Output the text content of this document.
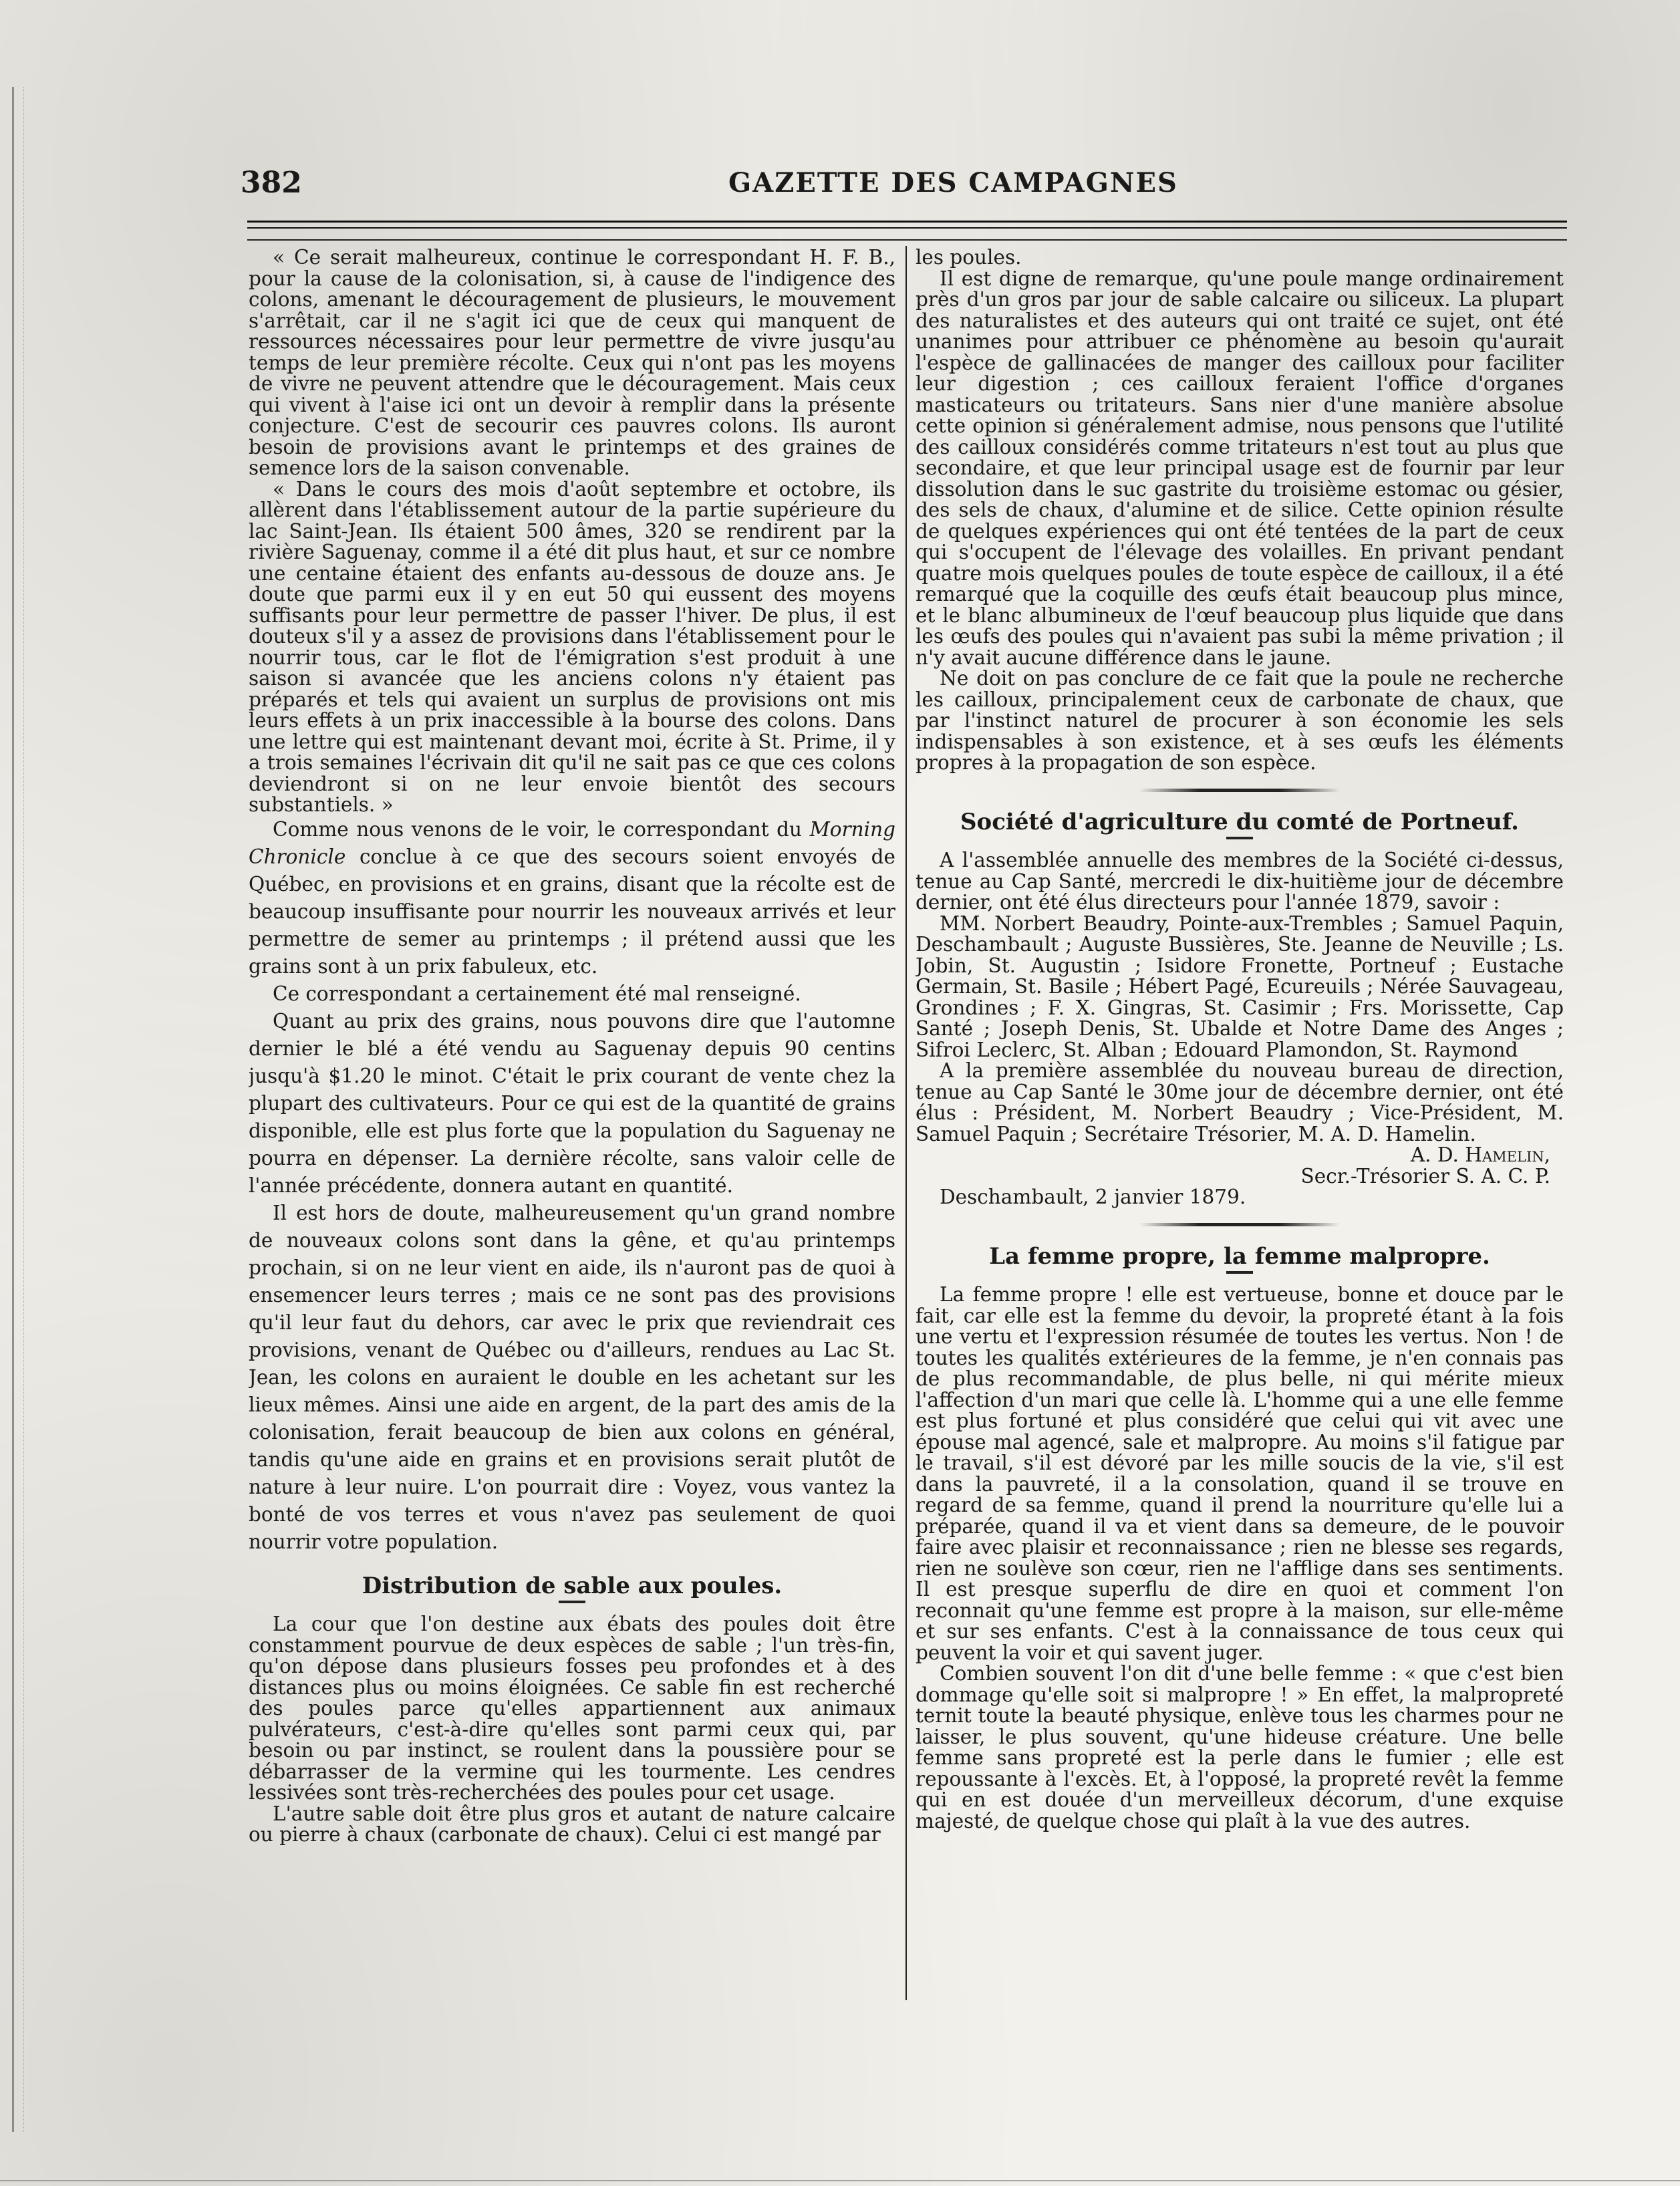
382	GAZETTE DES CAMPAGNES

« Ce serait malheureux, continue le correspondant H. F. B., pour la cause de la colonisation, si, à cause de l'indigence des colons, amenant le découragement de plusieurs, le mouvement s'arrêtait, car il ne s'agit ici que de ceux qui manquent de ressources nécessaires pour leur permettre de vivre jusqu'au temps de leur première récolte. Ceux qui n'ont pas les moyens de vivre ne peuvent attendre que le découragement. Mais ceux qui vivent à l'aise ici ont un devoir à remplir dans la présente conjecture. C'est de secourir ces pauvres colons. Ils auront besoin de provisions avant le printemps et des graines de semence lors de la saison convenable.

« Dans le cours des mois d'août septembre et octobre, ils allèrent dans l'établissement autour de la partie supérieure du lac Saint-Jean. Ils étaient 500 âmes, 320 se rendirent par la rivière Saguenay, comme il a été dit plus haut, et sur ce nombre une centaine étaient des enfants au-dessous de douze ans. Je doute que parmi eux il y en eut 50 qui eussent des moyens suffisants pour leur permettre de passer l'hiver. De plus, il est douteux s'il y a assez de provisions dans l'établissement pour le nourrir tous, car le flot de l'émigration s'est produit à une saison si avancée que les anciens colons n'y étaient pas préparés et tels qui avaient un surplus de provisions ont mis leurs effets à un prix inaccessible à la bourse des colons. Dans une lettre qui est maintenant devant moi, écrite à St. Prime, il y a trois semaines l'écrivain dit qu'il ne sait pas ce que ces colons deviendront si on ne leur envoie bientôt des secours substantiels. »

Comme nous venons de le voir, le correspondant du Morning Chronicle conclue à ce que des secours soient envoyés de Québec, en provisions et en grains, disant que la récolte est de beaucoup insuffisante pour nourrir les nouveaux arrivés et leur permettre de semer au printemps ; il prétend aussi que les grains sont à un prix fabuleux, etc.

Ce correspondant a certainement été mal renseigné.

Quant au prix des grains, nous pouvons dire que l'automne dernier le blé a été vendu au Saguenay depuis 90 centins jusqu'à $1.20 le minot. C'était le prix courant de vente chez la plupart des cultivateurs. Pour ce qui est de la quantité de grains disponible, elle est plus forte que la population du Saguenay ne pourra en dépenser. La dernière récolte, sans valoir celle de l'année précédente, donnera autant en quantité.

Il est hors de doute, malheureusement qu'un grand nombre de nouveaux colons sont dans la gêne, et qu'au printemps prochain, si on ne leur vient en aide, ils n'auront pas de quoi à ensemencer leurs terres ; mais ce ne sont pas des provisions qu'il leur faut du dehors, car avec le prix que reviendrait ces provisions, venant de Québec ou d'ailleurs, rendues au Lac St. Jean, les colons en auraient le double en les achetant sur les lieux mêmes. Ainsi une aide en argent, de la part des amis de la colonisation, ferait beaucoup de bien aux colons en général, tandis qu'une aide en grains et en provisions serait plutôt de nature à leur nuire. L'on pourrait dire : Voyez, vous vantez la bonté de vos terres et vous n'avez pas seulement de quoi nourrir votre population.

Distribution de sable aux poules.

La cour que l'on destine aux ébats des poules doit être constamment pourvue de deux espèces de sable ; l'un très-fin, qu'on dépose dans plusieurs fosses peu profondes et à des distances plus ou moins éloignées. Ce sable fin est recherché des poules parce qu'elles appartiennent aux animaux pulvérateurs, c'est-à-dire qu'elles sont parmi ceux qui, par besoin ou par instinct, se roulent dans la poussière pour se débarrasser de la vermine qui les tourmente. Les cendres lessivées sont très-recherchées des poules pour cet usage.

L'autre sable doit être plus gros et autant de nature calcaire ou pierre à chaux (carbonate de chaux). Celui ci est mangé par

les poules.

Il est digne de remarque, qu'une poule mange ordinairement près d'un gros par jour de sable calcaire ou siliceux. La plupart des naturalistes et des auteurs qui ont traité ce sujet, ont été unanimes pour attribuer ce phénomène au besoin qu'aurait l'espèce de gallinacées de manger des cailloux pour faciliter leur digestion ; ces cailloux feraient l'office d'organes masticateurs ou tritateurs. Sans nier d'une manière absolue cette opinion si généralement admise, nous pensons que l'utilité des cailloux considérés comme tritateurs n'est tout au plus que secondaire, et que leur principal usage est de fournir par leur dissolution dans le suc gastrite du troisième estomac ou gésier, des sels de chaux, d'alumine et de silice. Cette opinion résulte de quelques expériences qui ont été tentées de la part de ceux qui s'occupent de l'élevage des volailles. En privant pendant quatre mois quelques poules de toute espèce de cailloux, il a été remarqué que la coquille des œufs était beaucoup plus mince, et le blanc albumineux de l'œuf beaucoup plus liquide que dans les œufs des poules qui n'avaient pas subi la même privation ; il n'y avait aucune différence dans le jaune.

Ne doit on pas conclure de ce fait que la poule ne recherche les cailloux, principalement ceux de carbonate de chaux, que par l'instinct naturel de procurer à son économie les sels indispensables à son existence, et à ses œufs les éléments propres à la propagation de son espèce.

Société d'agriculture du comté de Portneuf.

A l'assemblée annuelle des membres de la Société ci-dessus, tenue au Cap Santé, mercredi le dix-huitième jour de décembre dernier, ont été élus directeurs pour l'année 1879, savoir :

MM. Norbert Beaudry, Pointe-aux-Trembles ; Samuel Paquin, Deschambault ; Auguste Bussières, Ste. Jeanne de Neuville ; Ls. Jobin, St. Augustin ; Isidore Fronette, Portneuf ; Eustache Germain, St. Basile ; Hébert Pagé, Ecureuils ; Nérée Sauvageau, Grondines ; F. X. Gingras, St. Casimir ; Frs. Morissette, Cap Santé ; Joseph Denis, St. Ubalde et Notre Dame des Anges ; Sifroi Leclerc, St. Alban ; Edouard Plamondon, St. Raymond

A la première assemblée du nouveau bureau de direction, tenue au Cap Santé le 30me jour de décembre dernier, ont été élus : Président, M. Norbert Beaudry ; Vice-Président, M. Samuel Paquin ; Secrétaire Trésorier, M. A. D. Hamelin.

A. D. Hamelin,

Secr.-Trésorier S. A. C. P.

Deschambault, 2 janvier 1879.

La femme propre, la femme malpropre.

La femme propre ! elle est vertueuse, bonne et douce par le fait, car elle est la femme du devoir, la propreté étant à la fois une vertu et l'expression résumée de toutes les vertus. Non ! de toutes les qualités extérieures de la femme, je n'en connais pas de plus recommandable, de plus belle, ni qui mérite mieux l'affection d'un mari que celle là. L'homme qui a une elle femme est plus fortuné et plus considéré que celui qui vit avec une épouse mal agencé, sale et malpropre. Au moins s'il fatigue par le travail, s'il est dévoré par les mille soucis de la vie, s'il est dans la pauvreté, il a la consolation, quand il se trouve en regard de sa femme, quand il prend la nourriture qu'elle lui a préparée, quand il va et vient dans sa demeure, de le pouvoir faire avec plaisir et reconnaissance ; rien ne blesse ses regards, rien ne soulève son cœur, rien ne l'afflige dans ses sentiments. Il est presque superflu de dire en quoi et comment l'on reconnait qu'une femme est propre à la maison, sur elle-même et sur ses enfants. C'est à la connaissance de tous ceux qui peuvent la voir et qui savent juger.

Combien souvent l'on dit d'une belle femme : « que c'est bien dommage qu'elle soit si malpropre ! » En effet, la malpropreté ternit toute la beauté physique, enlève tous les charmes pour ne laisser, le plus souvent, qu'une hideuse créature. Une belle femme sans propreté est la perle dans le fumier ; elle est repoussante à l'excès. Et, à l'opposé, la propreté revêt la femme qui en est douée d'un merveilleux décorum, d'une exquise majesté, de quelque chose qui plaît à la vue des autres.
